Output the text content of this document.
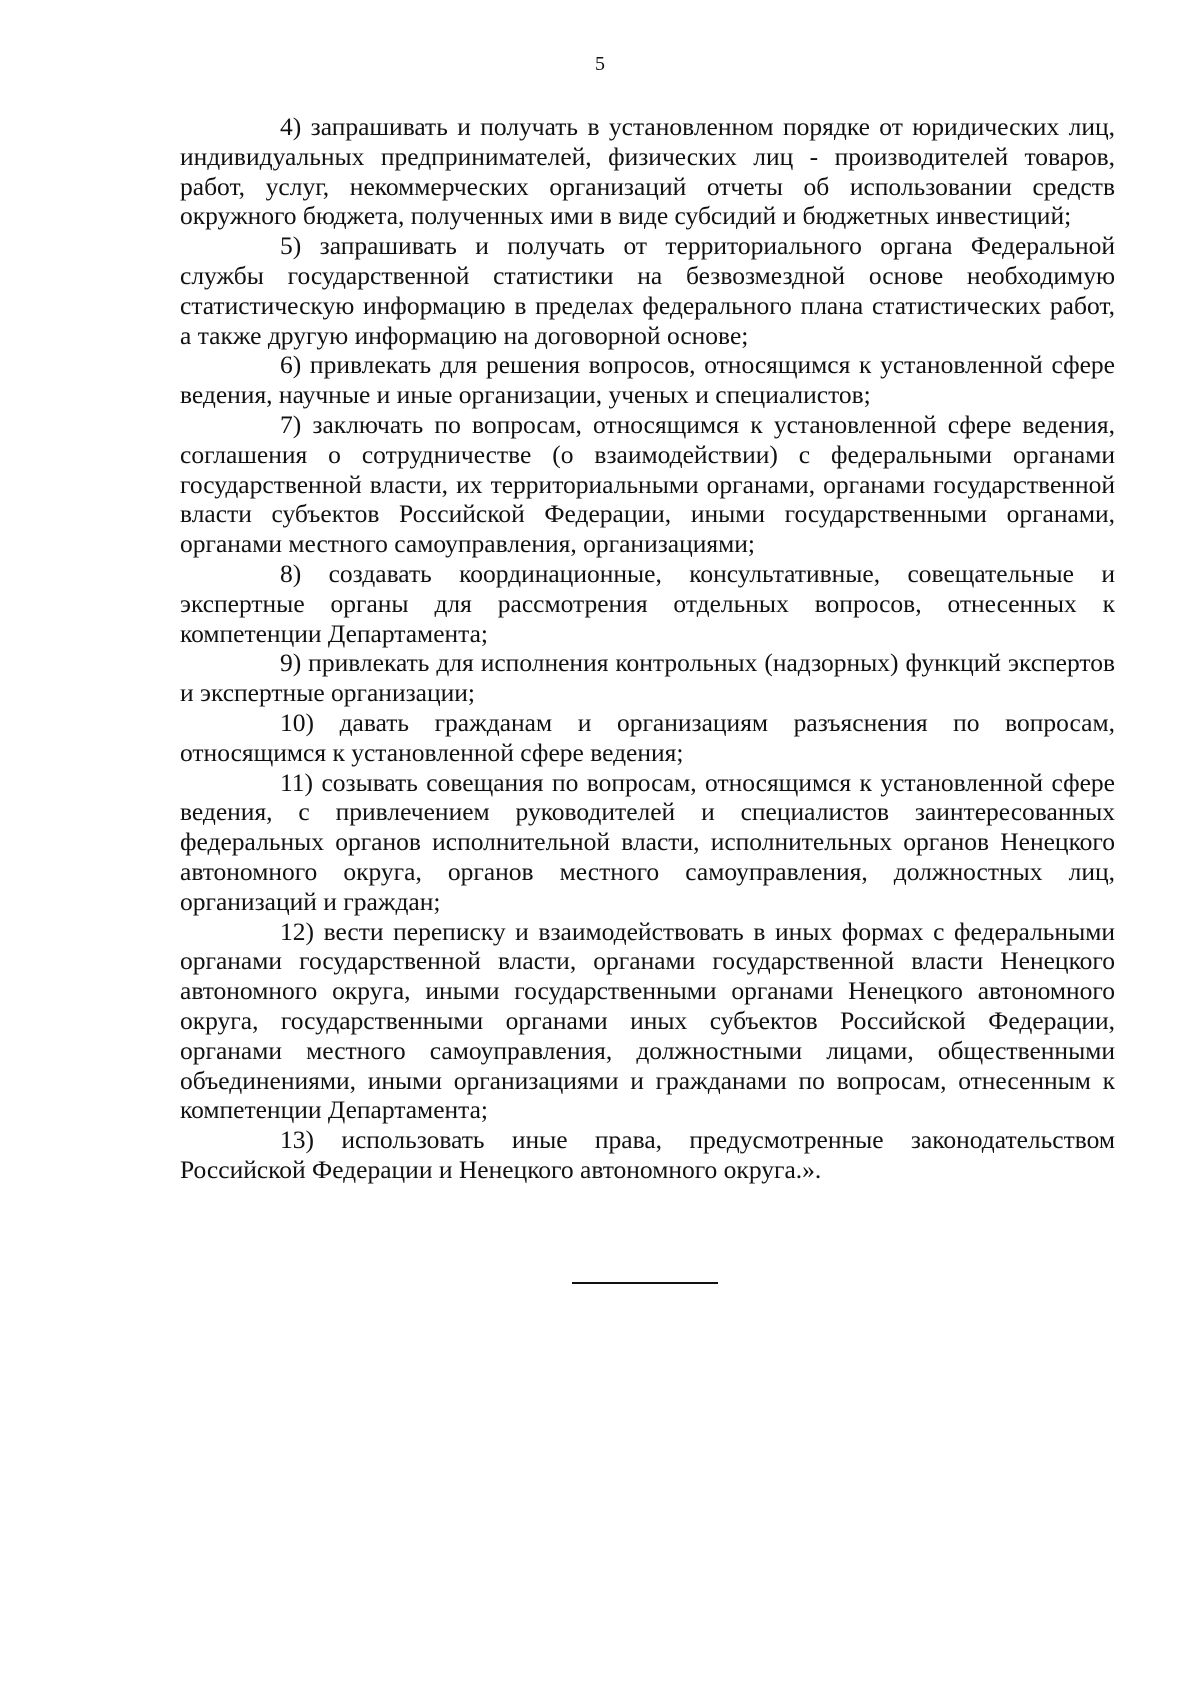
5

4) запрашивать и получать в установленном порядке от юридических лиц, индивидуальных предпринимателей, физических лиц - производителей товаров, работ, услуг, некоммерческих организаций отчеты об использовании средств окружного бюджета, полученных ими в виде субсидий и бюджетных инвестиций;

5) запрашивать и получать от территориального органа Федеральной службы государственной статистики на безвозмездной основе необходимую статистическую информацию в пределах федерального плана статистических работ, а также другую информацию на договорной основе;

6) привлекать для решения вопросов, относящимся к установленной сфере ведения, научные и иные организации, ученых и специалистов;

7) заключать по вопросам, относящимся к установленной сфере ведения, соглашения о сотрудничестве (о взаимодействии) с федеральными органами государственной власти, их территориальными органами, органами государственной власти субъектов Российской Федерации, иными государственными органами, органами местного самоуправления, организациями;

8) создавать координационные, консультативные, совещательные и экспертные органы для рассмотрения отдельных вопросов, отнесенных к компетенции Департамента;

9) привлекать для исполнения контрольных (надзорных) функций экспертов и экспертные организации;

10) давать гражданам и организациям разъяснения по вопросам, относящимся к установленной сфере ведения;

11) созывать совещания по вопросам, относящимся к установленной сфере ведения, с привлечением руководителей и специалистов заинтересованных федеральных органов исполнительной власти, исполнительных органов Ненецкого автономного округа, органов местного самоуправления, должностных лиц, организаций и граждан;

12) вести переписку и взаимодействовать в иных формах с федеральными органами государственной власти, органами государственной власти Ненецкого автономного округа, иными государственными органами Ненецкого автономного округа, государственными органами иных субъектов Российской Федерации, органами местного самоуправления, должностными лицами, общественными объединениями, иными организациями и гражданами по вопросам, отнесенным к компетенции Департамента;

13) использовать иные права, предусмотренные законодательством Российской Федерации и Ненецкого автономного округа.».
